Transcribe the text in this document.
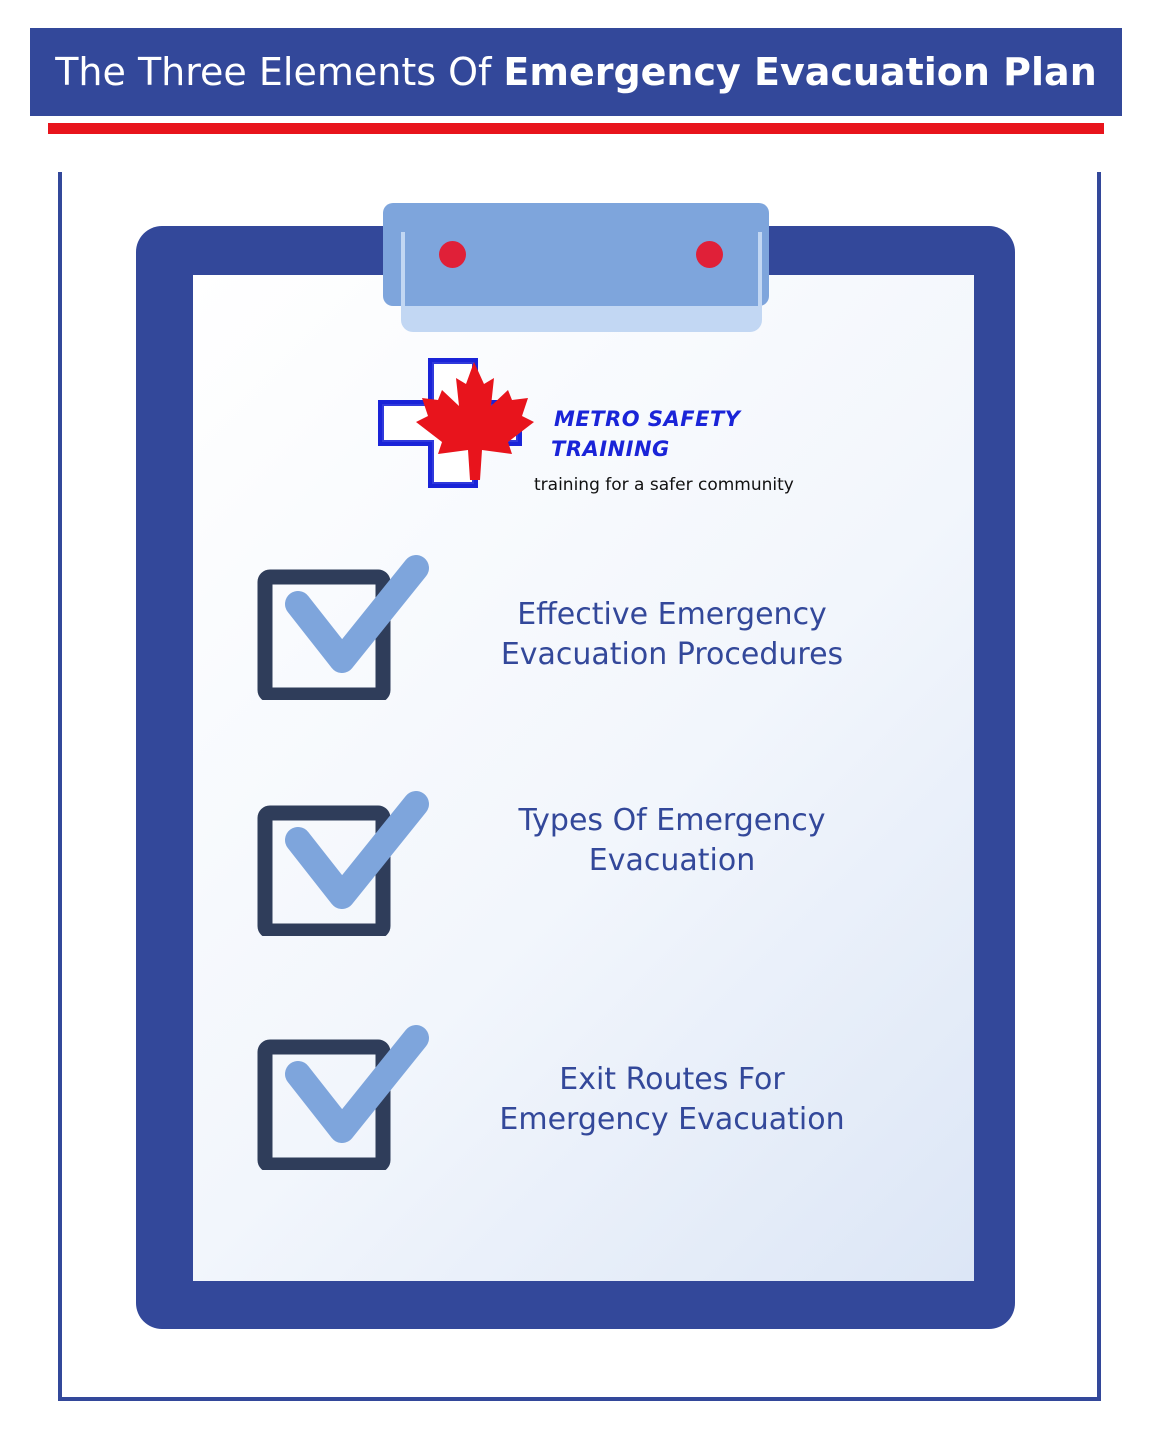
The Three Elements Of Emergency Evacuation Plan
METRO SAFETY
TRAINING
training for a safer community
Effective Emergency
Evacuation Procedures
Types Of Emergency
Evacuation
Exit Routes For
Emergency Evacuation
